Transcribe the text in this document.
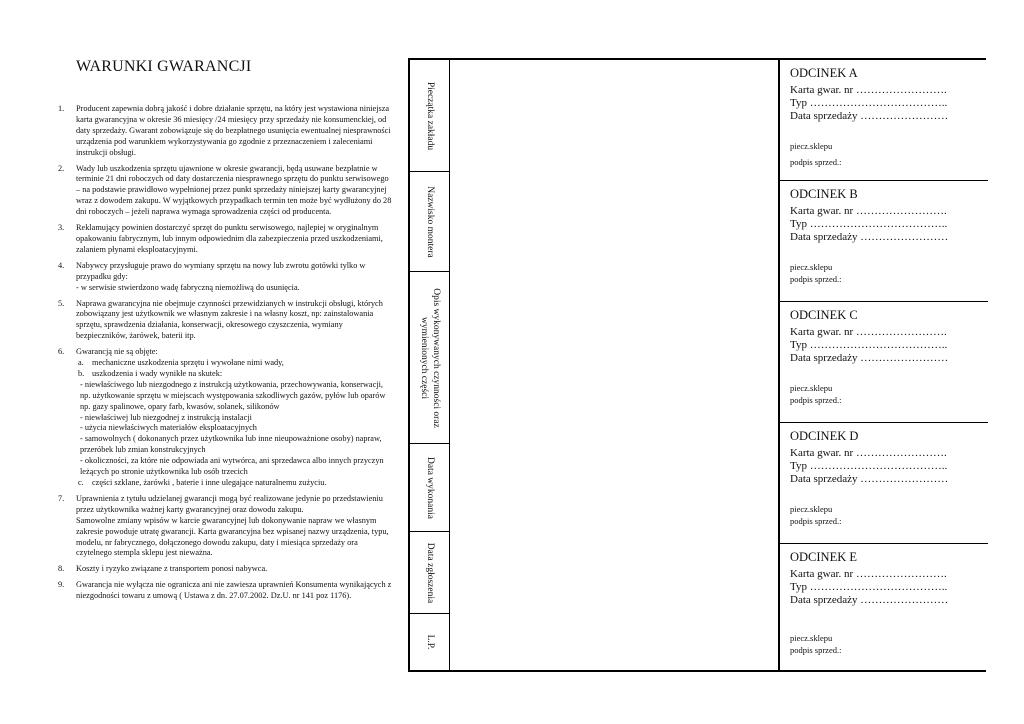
WARUNKI GWARANCJI
1. Producent zapewnia dobrą jakość i dobre działanie sprzętu, na który jest wystawiona niniejsza karta gwarancyjna w okresie 36 miesięcy /24 miesięcy przy sprzedaży nie konsumenckiej, od daty sprzedaży. Gwarant zobowiązuje się do bezpłatnego usunięcia ewentualnej niesprawności urządzenia pod warunkiem wykorzystywania go zgodnie z przeznaczeniem i zaleceniami instrukcji obsługi.
2. Wady lub uszkodzenia sprzętu ujawnione w okresie gwarancji, będą usuwane bezpłatnie w terminie 21 dni roboczych od daty dostarczenia niesprawnego sprzętu do punktu serwisowego – na podstawie prawidłowo wypełnionej przez punkt sprzedaży niniejszej karty gwarancyjnej wraz z dowodem zakupu. W wyjątkowych przypadkach termin ten może być wydłużony do 28 dni roboczych – jeżeli naprawa wymaga sprowadzenia części od producenta.
3. Reklamujący powinien dostarczyć sprzęt do punktu serwisowego, najlepiej w oryginalnym opakowaniu fabrycznym, lub innym odpowiednim dla zabezpieczenia przed uszkodzeniami, zalaniem płynami eksploatacyjnymi.
4. Nabywcy przysługuje prawo do wymiany sprzętu na nowy lub zwrotu gotówki tylko w przypadku gdy:
- w serwisie stwierdzono wadę fabryczną niemożliwą do usunięcia.
5. Naprawa gwarancyjna nie obejmuje czynności przewidzianych w instrukcji obsługi, których zobowiązany jest użytkownik we własnym zakresie i na własny koszt, np: zainstalowania sprzętu, sprawdzenia działania, konserwacji, okresowego czyszczenia, wymiany bezpieczników, żarówek, baterii itp.
6. Gwarancją nie są objęte:
a. mechaniczne uszkodzenia sprzętu i wywołane nimi wady,
b. uszkodzenia i wady wynikłe na skutek:
- niewłaściwego lub niezgodnego z instrukcją użytkowania, przechowywania, konserwacji, np. użytkowanie sprzętu w miejscach występowania szkodliwych gazów, pyłów lub oparów np. gazy spalinowe, opary farb, kwasów, solanek, silikonów
- niewłaściwej lub niezgodnej z instrukcją instalacji
- użycia niewłaściwych materiałów eksploatacyjnych
- samowolnych ( dokonanych przez użytkownika lub inne nieupoważnione osoby) napraw, przeróbek lub zmian konstrukcyjnych
- okoliczności, za które nie odpowiada ani wytwórca, ani sprzedawca albo innych przyczyn leżących po stronie użytkownika lub osób trzecich
c. części szklane, żarówki , baterie i inne ulegające naturalnemu zużyciu.
7. Uprawnienia z tytułu udzielanej gwarancji mogą być realizowane jedynie po przedstawieniu przez użytkownika ważnej karty gwarancyjnej oraz dowodu zakupu.
Samowolne zmiany wpisów w karcie gwarancyjnej lub dokonywanie napraw we własnym zakresie powoduje utratę gwarancji. Karta gwarancyjna bez wpisanej nazwy urządzenia, typu, modelu, nr fabrycznego, dołączonego dowodu zakupu, daty i miesiąca sprzedaży ora czytelnego stempla sklepu jest nieważna.
8. Koszty i ryzyko związane z transportem ponosi nabywca.
9. Gwarancja nie wyłącza nie ogranicza ani nie zawiesza uprawnień Konsumenta wynikających z niezgodności towaru z umową ( Ustawa z dn. 27.07.2002. Dz.U. nr 141 poz 1176).
Pieczątka zakładu
Nazwisko montera
Opis wykonywanych czynności oraz wymienionych części
Data wykonania
Data zgłoszenia
L.P.
ODCINEK A
Karta gwar. nr …………………….
Typ ………………………………..
Data sprzedaży ……………………
piecz.sklepu
podpis sprzed.:
ODCINEK B
Karta gwar. nr …………………….
Typ ………………………………..
Data sprzedaży ……………………
piecz.sklepu
podpis sprzed.:
ODCINEK C
Karta gwar. nr …………………….
Typ ………………………………..
Data sprzedaży ……………………
piecz.sklepu
podpis sprzed.:
ODCINEK D
Karta gwar. nr …………………….
Typ ………………………………..
Data sprzedaży ……………………
piecz.sklepu
podpis sprzed.:
ODCINEK E
Karta gwar. nr …………………….
Typ ………………………………..
Data sprzedaży ……………………
piecz.sklepu
podpis sprzed.:
